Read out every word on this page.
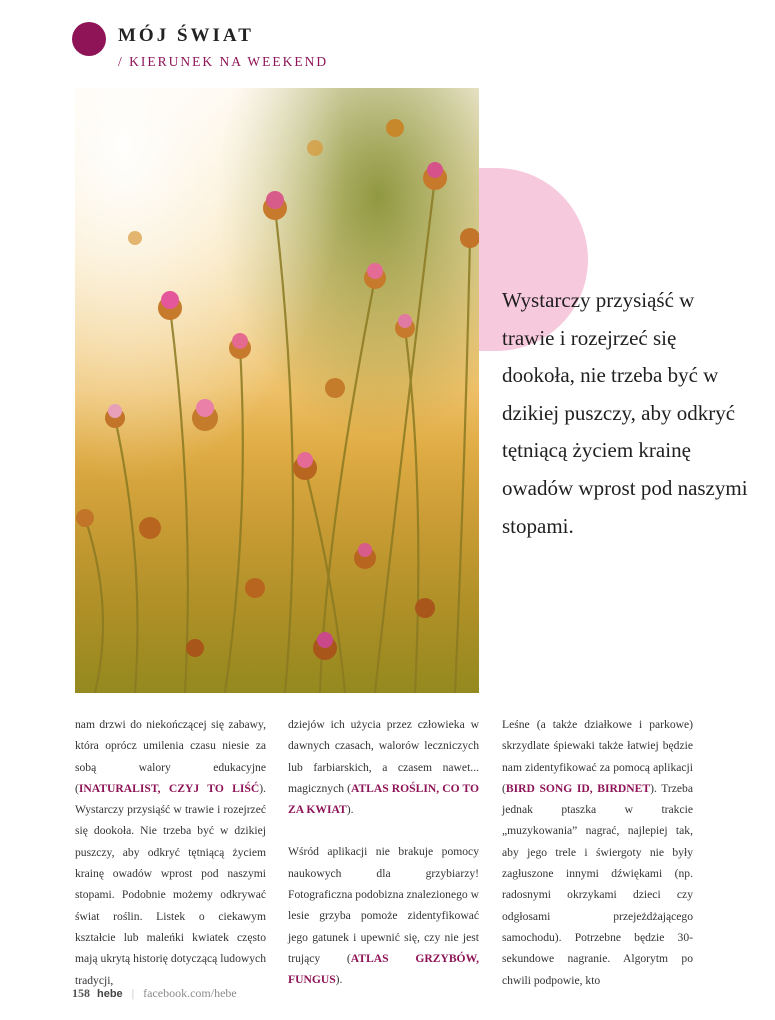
MÓJ ŚWIAT
/ KIERUNEK NA WEEKEND

Wystarczy przysiąść w trawie i rozejrzeć się dookoła, nie trzeba być w dzikiej puszczy, aby odkryć tętniącą życiem krainę owadów wprost pod naszymi stopami.

nam drzwi do niekończącej się zabawy, która oprócz umilenia czasu niesie za sobą walory edukacyjne (INATURALIST, CZYJ TO LIŚĆ). Wystarczy przysiąść w trawie i rozejrzeć się dookoła. Nie trzeba być w dzikiej puszczy, aby odkryć tętniącą życiem krainę owadów wprost pod naszymi stopami. Podobnie możemy odkrywać świat roślin. Listek o ciekawym kształcie lub maleńki kwiatek często mają ukrytą historię dotyczącą ludowych tradycji,

dziejów ich użycia przez człowieka w dawnych czasach, walorów leczniczych lub farbiarskich, a czasem nawet... magicznych (ATLAS ROŚLIN, CO TO ZA KWIAT).

Wśród aplikacji nie brakuje pomocy naukowych dla grzybiarzy! Fotograficzna podobizna znalezionego w lesie grzyba pomoże zidentyfikować jego gatunek i upewnić się, czy nie jest trujący (ATLAS GRZYBÓW, FUNGUS).

Leśne (a także działkowe i parkowe) skrzydlate śpiewaki także łatwiej będzie nam zidentyfikować za pomocą aplikacji (BIRD SONG ID, BIRDNET). Trzeba jednak ptaszka w trakcie „muzykowania” nagrać, najlepiej tak, aby jego trele i świergoty nie były zagłuszone innymi dźwiękami (np. radosnymi okrzykami dzieci czy odgłosami przejeżdżającego samochodu). Potrzebne będzie 30-sekundowe nagranie. Algorytm po chwili podpowie, kto

158 hebe | facebook.com/hebe
